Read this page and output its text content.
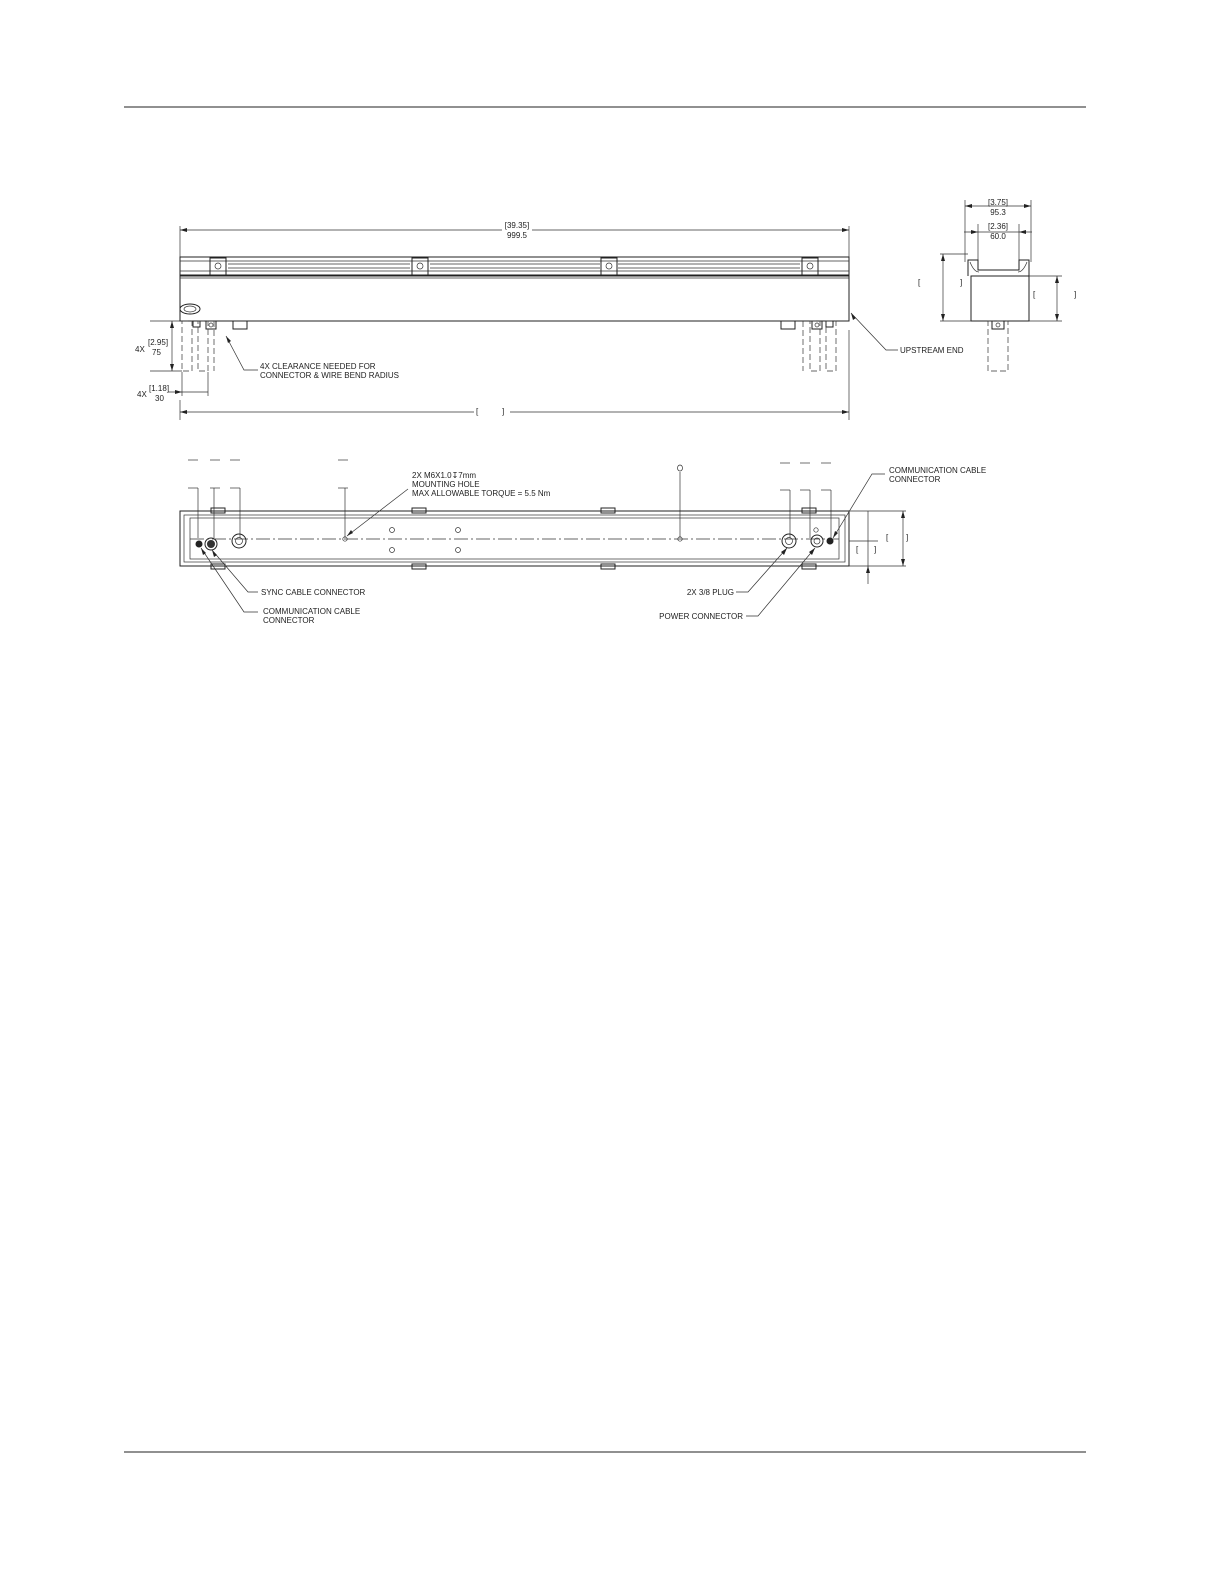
[39.35]
999.5
4X
[2.95]
75
4X
[1.18]
30
4X CLEARANCE NEEDED FOR
CONNECTOR & WIRE BEND RADIUS
[	]
UPSTREAM END
[3.75]
95.3
[2.36]
60.0
[	]
[	]
2X M6X1.0↧7mm
MOUNTING HOLE
MAX ALLOWABLE TORQUE = 5.5 Nm
COMMUNICATION CABLE
CONNECTOR
[ ]
[ ]
SYNC CABLE CONNECTOR
COMMUNICATION CABLE
CONNECTOR
2X 3/8 PLUG
POWER CONNECTOR
